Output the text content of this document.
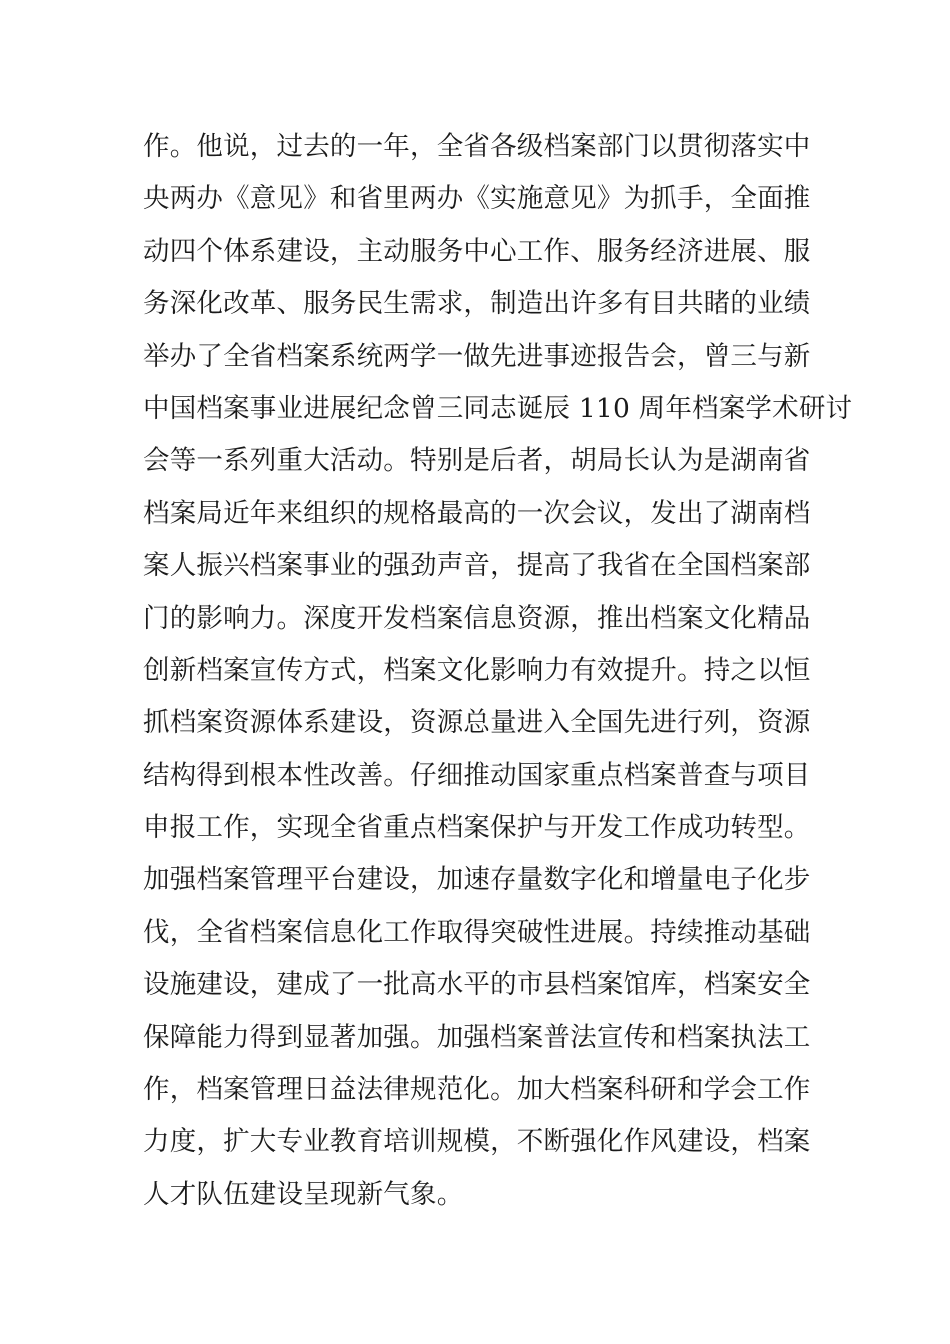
作。他说，过去的一年，全省各级档案部门以贯彻落实中
央两办《意见》和省里两办《实施意见》为抓手，全面推
动四个体系建设，主动服务中心工作、服务经济进展、服
务深化改革、服务民生需求，制造出许多有目共睹的业绩
举办了全省档案系统两学一做先进事迹报告会，曾三与新
中国档案事业进展纪念曾三同志诞辰 110 周年档案学术研讨
会等一系列重大活动。特别是后者，胡局长认为是湖南省
档案局近年来组织的规格最高的一次会议，发出了湖南档
案人振兴档案事业的强劲声音，提高了我省在全国档案部
门的影响力。深度开发档案信息资源，推出档案文化精品
创新档案宣传方式，档案文化影响力有效提升。持之以恒
抓档案资源体系建设，资源总量进入全国先进行列，资源
结构得到根本性改善。仔细推动国家重点档案普查与项目
申报工作，实现全省重点档案保护与开发工作成功转型。
加强档案管理平台建设，加速存量数字化和增量电子化步
伐，全省档案信息化工作取得突破性进展。持续推动基础
设施建设，建成了一批高水平的市县档案馆库，档案安全
保障能力得到显著加强。加强档案普法宣传和档案执法工
作，档案管理日益法律规范化。加大档案科研和学会工作
力度，扩大专业教育培训规模，不断强化作风建设，档案
人才队伍建设呈现新气象。
